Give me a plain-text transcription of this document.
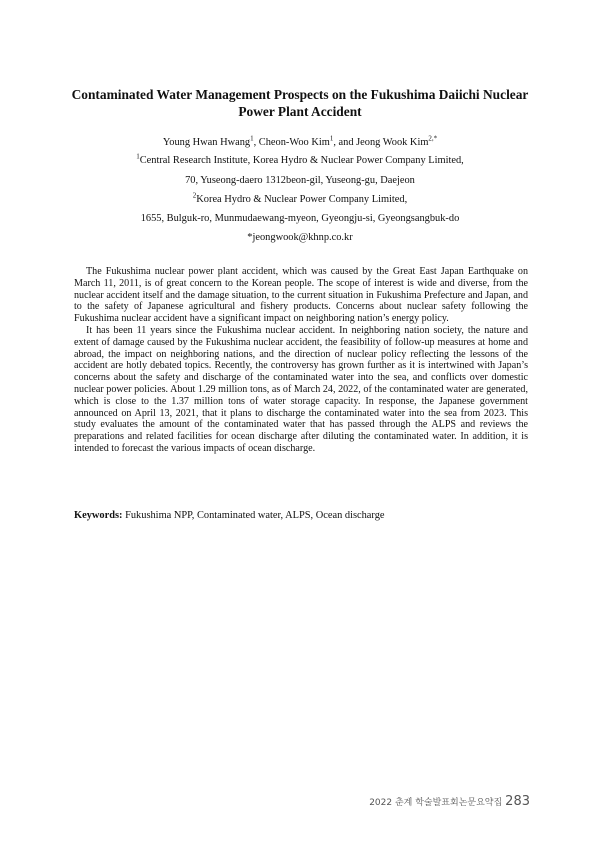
Contaminated Water Management Prospects on the Fukushima Daiichi Nuclear Power Plant Accident
Young Hwan Hwang$^1$, Cheon-Woo Kim$^1$, and Jeong Wook Kim$^{2,*}$
$^1$Central Research Institute, Korea Hydro & Nuclear Power Company Limited,
70, Yuseong-daero 1312beon-gil, Yuseong-gu, Daejeon
$^2$Korea Hydro & Nuclear Power Company Limited,
1655, Bulguk-ro, Munmudaewang-myeon, Gyeongju-si, Gyeongsangbuk-do
*jeongwook@khnp.co.kr

The Fukushima nuclear power plant accident, which was caused by the Great East Japan Earthquake on March 11, 2011, is of great concern to the Korean people. The scope of interest is wide and diverse, from the nuclear accident itself and the damage situation, to the current situation in Fukushima Prefecture and Japan, and to the safety of Japanese agricultural and fishery products. Concerns about nuclear safety following the Fukushima nuclear accident have a significant impact on neighboring nation’s energy policy.

It has been 11 years since the Fukushima nuclear accident. In neighboring nation society, the nature and extent of damage caused by the Fukushima nuclear accident, the feasibility of follow-up measures at home and abroad, the impact on neighboring nations, and the direction of nuclear policy reflecting the lessons of the accident are hotly debated topics. Recently, the controversy has grown further as it is intertwined with Japan’s concerns about the safety and discharge of the contaminated water into the sea, and conflicts over domestic nuclear power policies. About 1.29 million tons, as of March 24, 2022, of the contaminated water are generated, which is close to the 1.37 million tons of water storage capacity. In response, the Japanese government announced on April 13, 2021, that it plans to discharge the contaminated water into the sea from 2023. This study evaluates the amount of the contaminated water that has passed through the ALPS and reviews the preparations and related facilities for ocean discharge after diluting the contaminated water. In addition, it is intended to forecast the various impacts of ocean discharge.

Keywords: Fukushima NPP, Contaminated water, ALPS, Ocean discharge
2022 춘계 학술발표회논문요약집 283
